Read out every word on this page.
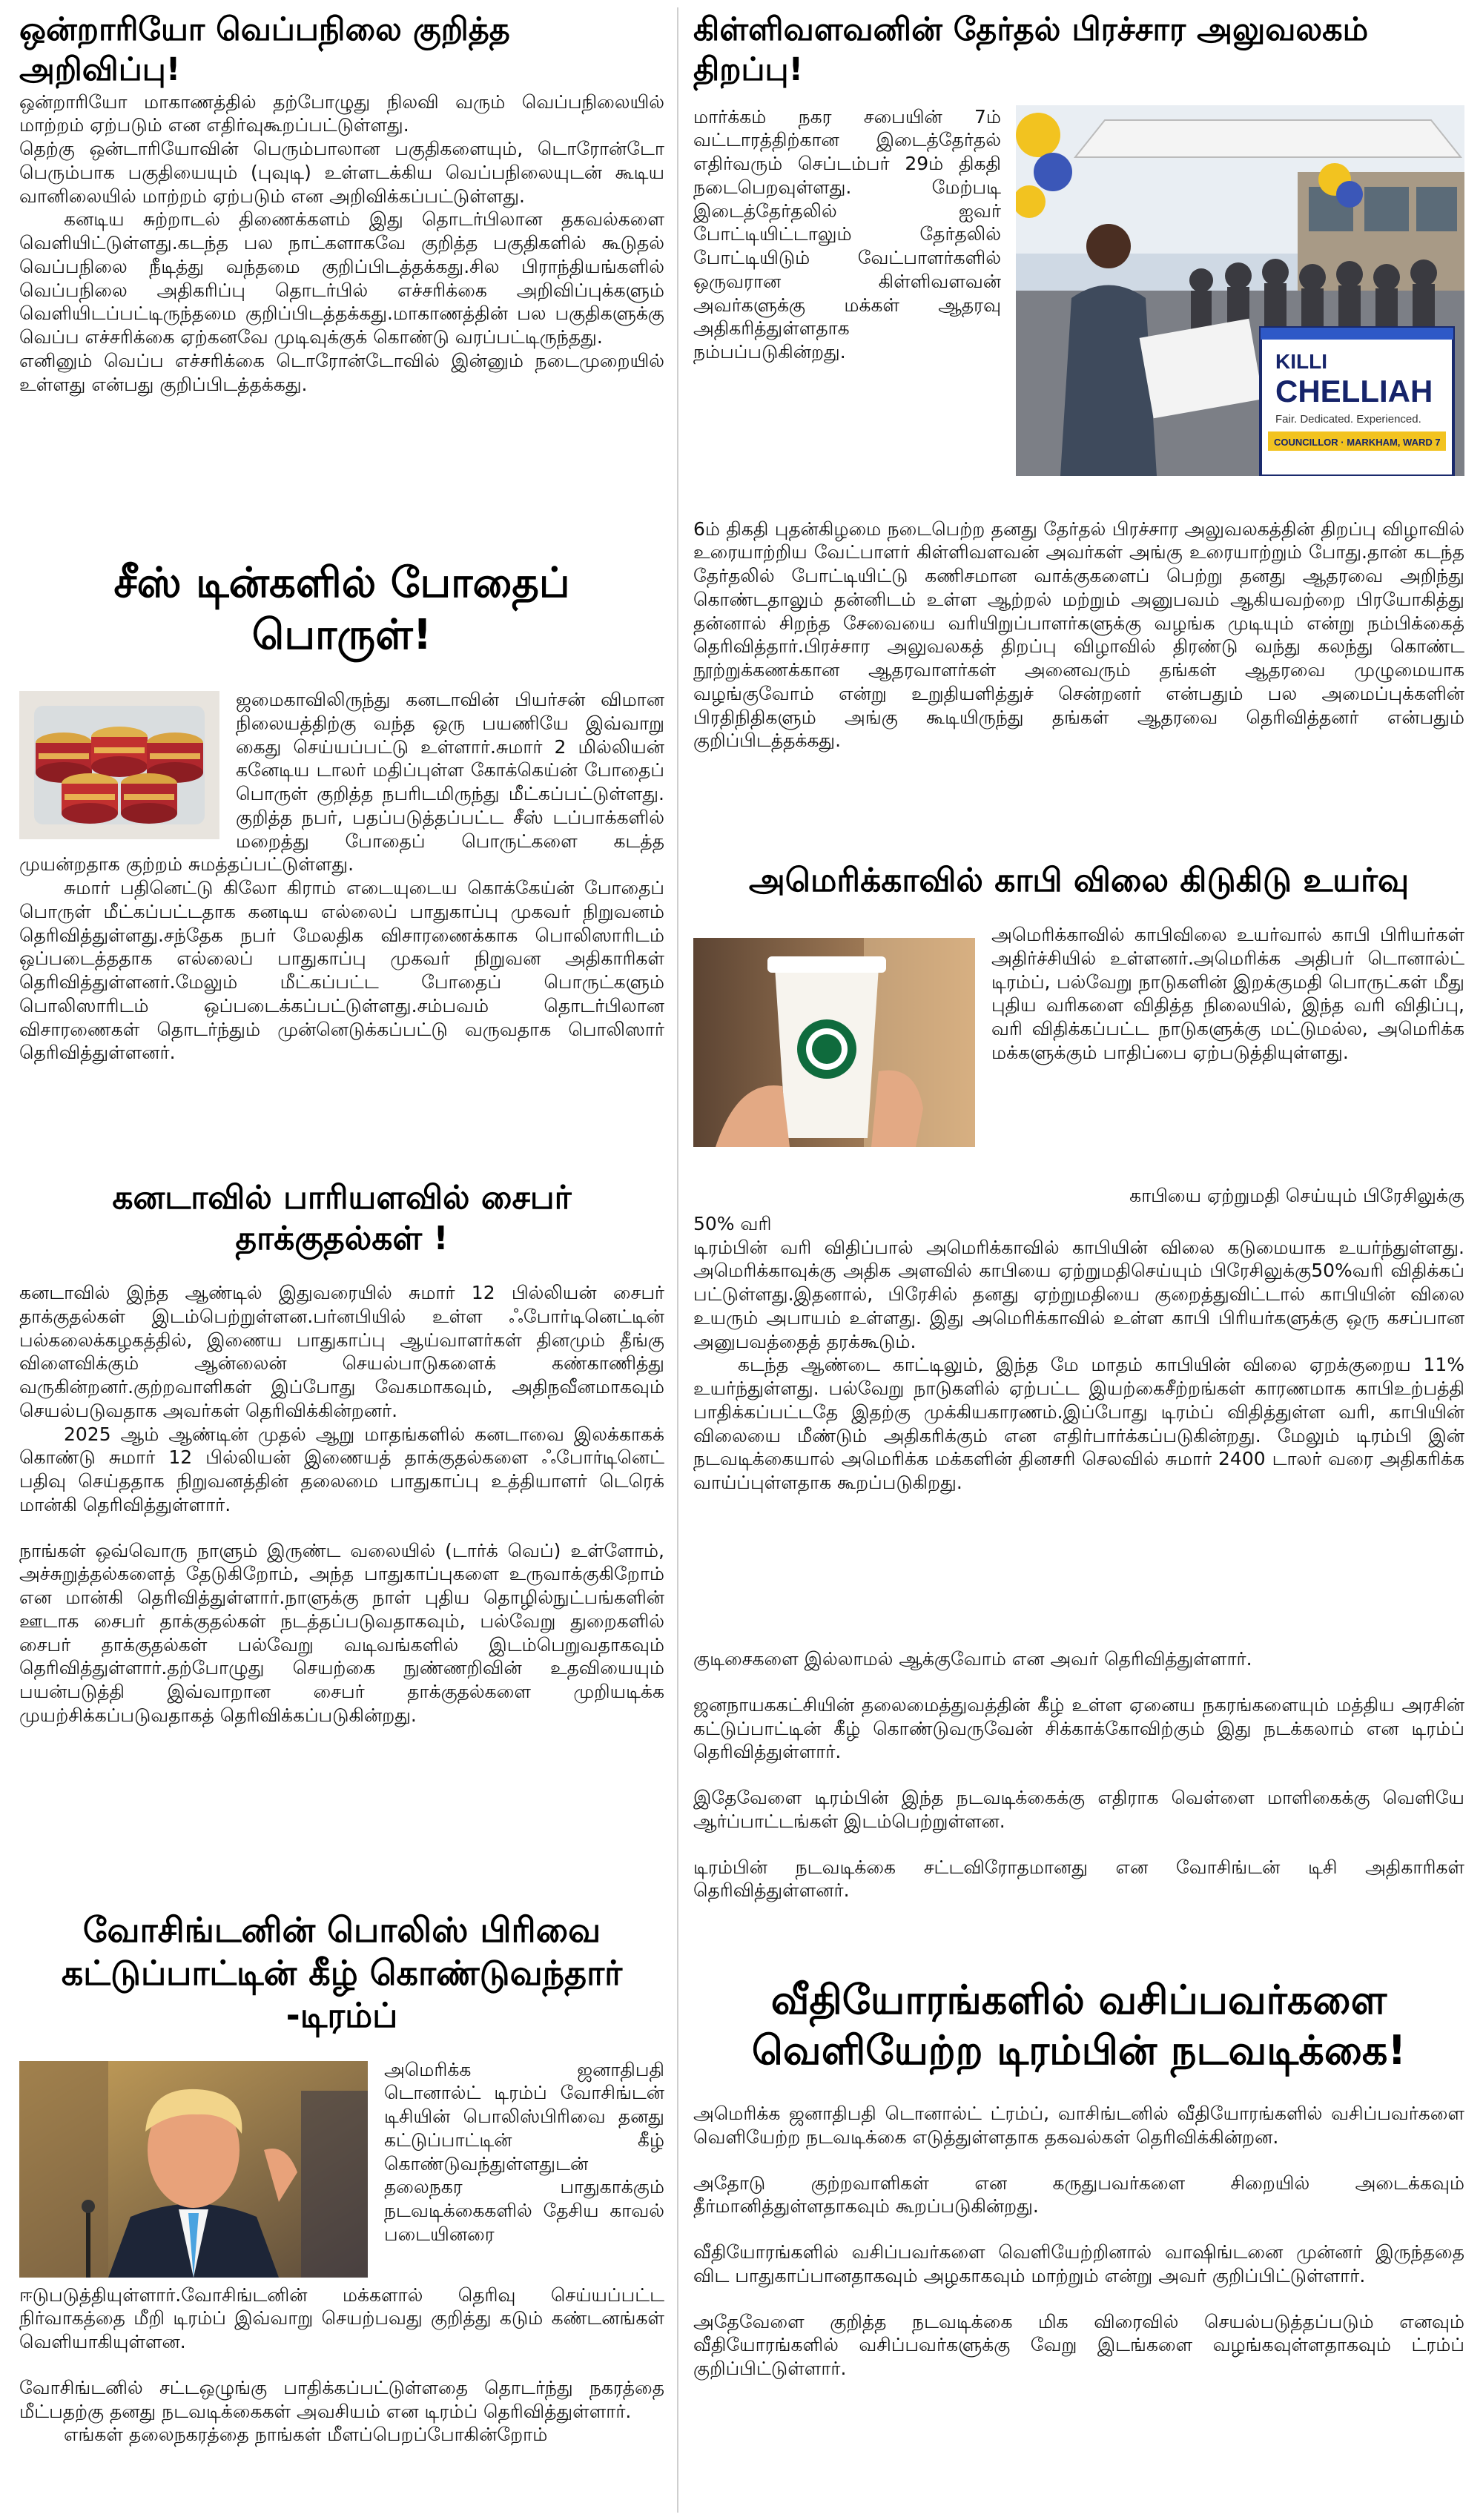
ஒன்றாரியோ வெப்பநிலை குறித்த அறிவிப்பு!

ஒன்றாரியோ மாகாணத்தில் தற்போழுது நிலவி வரும் வெப்பநிலையில் மாற்றம் ஏற்படும் என எதிர்வுகூறப்பட்டுள்ளது.

தெற்கு ஒன்டாரியோவின் பெரும்பாலான பகுதிகளையும், டொரோன்டோ பெரும்பாக பகுதியையும் (புவுடி) உள்ளடக்கிய வெப்பநிலையுடன் கூடிய வானிலையில் மாற்றம் ஏற்படும் என அறிவிக்கப்பட்டுள்ளது.

கனடிய சுற்றாடல் திணைக்களம் இது தொடர்பிலான தகவல்களை வெளியிட்டுள்ளது.கடந்த பல நாட்களாகவே குறித்த பகுதிகளில் கூடுதல் வெப்பநிலை நீடித்து வந்தமை குறிப்பிடத்தக்கது.சில பிராந்தியங்களில் வெப்பநிலை அதிகரிப்பு தொடர்பில் எச்சரிக்கை அறிவிப்புக்களும் வெளியிடப்பட்டிருந்தமை குறிப்பிடத்தக்கது.மாகாணத்தின் பல பகுதிகளுக்கு வெப்ப எச்சரிக்கை ஏற்கனவே முடிவுக்குக் கொண்டு வரப்பட்டிருந்தது.

எனினும் வெப்ப எச்சரிக்கை டொரோன்டோவில் இன்னும் நடைமுறையில் உள்ளது என்பது குறிப்பிடத்தக்கது.

சீஸ் டின்களில் போதைப் பொருள்!

ஜமைகாவிலிருந்து கனடாவின் பியர்சன் விமான நிலையத்திற்கு வந்த ஒரு பயணியே இவ்வாறு கைது செய்யப்பட்டு உள்ளார்.சுமார் 2 மில்லியன் கனேடிய டாலர் மதிப்புள்ள கோக்கெய்ன் போதைப் பொருள் குறித்த நபரிடமிருந்து மீட்கப்பட்டுள்ளது. குறித்த நபர், பதப்படுத்தப்பட்ட சீஸ் டப்பாக்களில் மறைத்து போதைப் பொருட்களை கடத்த முயன்றதாக குற்றம் சுமத்தப்பட்டுள்ளது.

சுமார் பதினெட்டு கிலோ கிராம் எடையுடைய கொக்கேய்ன் போதைப் பொருள் மீட்கப்பட்டதாக கனடிய எல்லைப் பாதுகாப்பு முகவர் நிறுவனம் தெரிவித்துள்ளது.சந்தேக நபர் மேலதிக விசாரணைக்காக பொலிஸாரிடம் ஒப்படைத்ததாக எல்லைப் பாதுகாப்பு முகவர் நிறுவன அதிகாரிகள் தெரிவித்துள்ளனர்.மேலும் மீட்கப்பட்ட போதைப் பொருட்களும் பொலிஸாரிடம் ஒப்படைக்கப்பட்டுள்ளது.சம்பவம் தொடர்பிலான விசாரணைகள் தொடர்ந்தும் முன்னெடுக்கப்பட்டு வருவதாக பொலிஸார் தெரிவித்துள்ளனர்.

கனடாவில் பாரியளவில் சைபர் தாக்குதல்கள் !

கனடாவில் இந்த ஆண்டில் இதுவரையில் சுமார் 12 பில்லியன் சைபர் தாக்குதல்கள் இடம்பெற்றுள்ளன.பர்னபியில் உள்ள ஃபோர்டினெட்டின் பல்கலைக்கழகத்தில், இணைய பாதுகாப்பு ஆய்வாளர்கள் தினமும் தீங்கு விளைவிக்கும் ஆன்லைன் செயல்பாடுகளைக் கண்காணித்து வருகின்றனர்.குற்றவாளிகள் இப்போது வேகமாகவும், அதிநவீனமாகவும் செயல்படுவதாக அவர்கள் தெரிவிக்கின்றனர்.

2025 ஆம் ஆண்டின் முதல் ஆறு மாதங்களில் கனடாவை இலக்காகக் கொண்டு சுமார் 12 பில்லியன் இணையத் தாக்குதல்களை ஃபோர்டினெட் பதிவு செய்ததாக நிறுவனத்தின் தலைமை பாதுகாப்பு உத்தியாளர் டெரெக் மான்கி தெரிவித்துள்ளார்.

நாங்கள் ஒவ்வொரு நாளும் இருண்ட வலையில் (டார்க் வெப்) உள்ளோம், அச்சுறுத்தல்களைத் தேடுகிறோம், அந்த பாதுகாப்புகளை உருவாக்குகிறோம் என மான்கி தெரிவித்துள்ளார்.நாளுக்கு நாள் புதிய தொழில்நுட்பங்களின் ஊடாக சைபர் தாக்குதல்கள் நடத்தப்படுவதாகவும், பல்வேறு துறைகளில் சைபர் தாக்குதல்கள் பல்வேறு வடிவங்களில் இடம்பெறுவதாகவும் தெரிவித்துள்ளார்.தற்போழுது செயற்கை நுண்ணறிவின் உதவியையும் பயன்படுத்தி இவ்வாறான சைபர் தாக்குதல்களை முறியடிக்க முயற்சிக்கப்படுவதாகத் தெரிவிக்கப்படுகின்றது.

வோசிங்டனின் பொலிஸ் பிரிவை
கட்டுப்பாட்டின் கீழ் கொண்டுவந்தார் -டிரம்ப்

அமெரிக்க ஜனாதிபதி டொனால்ட் டிரம்ப் வோசிங்டன் டிசியின் பொலிஸ்பிரிவை தனது கட்டுப்பாட்டின் கீழ் கொண்டுவந்துள்ளதுடன் தலைநகர பாதுகாக்கும் நடவடிக்கைகளில் தேசிய காவல் படையினரை ஈடுபடுத்தியுள்ளார்.வோசிங்டனின் மக்களால் தெரிவு செய்யப்பட்ட நிர்வாகத்தை மீறி டிரம்ப் இவ்வாறு செயற்பவது குறித்து கடும் கண்டனங்கள் வெளியாகியுள்ளன.

வோசிங்டனில் சட்டஒழுங்கு பாதிக்கப்பட்டுள்ளதை தொடர்ந்து நகரத்தை மீட்பதற்கு தனது நடவடிக்கைகள் அவசியம் என டிரம்ப் தெரிவித்துள்ளார்.

எங்கள் தலைநகரத்தை நாங்கள் மீளப்பெறப்போகின்றோம்

கிள்ளிவளவனின் தேர்தல் பிரச்சார அலுவலகம் திறப்பு!
KILLI
CHELLIAH
Fair. Dedicated. Experienced.
COUNCILLOR · MARKHAM, WARD 7

மார்க்கம் நகர சபையின் 7ம் வட்டாரத்திற்கான இடைத்தேர்தல் எதிர்வரும் செப்டம்பர் 29ம் திகதி நடைபெறவுள்ளது. மேற்படி இடைத்தேர்தலில் ஐவர் போட்டியிட்டாலும் தேர்தலில் போட்டியிடும் வேட்பாளர்களில் ஒருவரான கிள்ளிவளவன் அவர்களுக்கு மக்கள் ஆதரவு அதிகரித்துள்ளதாக நம்பப்படுகின்றது.

6ம் திகதி புதன்கிழமை நடைபெற்ற தனது தேர்தல் பிரச்சார அலுவலகத்தின் திறப்பு விழாவில் உரையாற்றிய வேட்பாளர் கிள்ளிவளவன் அவர்கள் அங்கு உரையாற்றும் போது.தான் கடந்த தேர்தலில் போட்டியிட்டு கணிசமான வாக்குகளைப் பெற்று தனது ஆதரவை அறிந்து கொண்டதாலும் தன்னிடம் உள்ள ஆற்றல் மற்றும் அனுபவம் ஆகியவற்றை பிரயோகித்து தன்னால் சிறந்த சேவையை வரியிறுப்பாளர்களுக்கு வழங்க முடியும் என்று நம்பிக்கைத் தெரிவித்தார்.பிரச்சார அலுவலகத் திறப்பு விழாவில் திரண்டு வந்து கலந்து கொண்ட நூற்றுக்கணக்கான ஆதரவாளர்கள் அனைவரும் தங்கள் ஆதரவை முழுமையாக வழங்குவோம் என்று உறுதியளித்துச் சென்றனர் என்பதும் பல அமைப்புக்களின் பிரதிநிதிகளும் அங்கு கூடியிருந்து தங்கள் ஆதரவை தெரிவித்தனர் என்பதும் குறிப்பிடத்தக்கது.

அமெரிக்காவில் காபி விலை கிடுகிடு உயர்வு

அமெரிக்காவில் காபிவிலை உயர்வால் காபி பிரியர்கள் அதிர்ச்சியில் உள்ளனர்.அமெரிக்க அதிபர் டொனால்ட் டிரம்ப், பல்வேறு நாடுகளின் இறக்குமதி பொருட்கள் மீது புதிய வரிகளை விதித்த நிலையில், இந்த வரி விதிப்பு, வரி விதிக்கப்பட்ட நாடுகளுக்கு மட்டுமல்ல, அமெரிக்க மக்களுக்கும் பாதிப்பை ஏற்படுத்தியுள்ளது.

காபியை ஏற்றுமதி செய்யும் பிரேசிலுக்கு

50% வரி

டிரம்பின் வரி விதிப்பால் அமெரிக்காவில் காபியின் விலை கடுமையாக உயர்ந்துள்ளது. அமெரிக்காவுக்கு அதிக அளவில் காபியை ஏற்றுமதிசெய்யும் பிரேசிலுக்கு50%வரி விதிக்கப் பட்டுள்ளது.இதனால், பிரேசில் தனது ஏற்றுமதியை குறைத்துவிட்டால் காபியின் விலை உயரும் அபாயம் உள்ளது. இது அமெரிக்காவில் உள்ள காபி பிரியர்களுக்கு ஒரு கசப்பான அனுபவத்தைத் தரக்கூடும்.

கடந்த ஆண்டை காட்டிலும், இந்த மே மாதம் காபியின் விலை ஏறக்குறைய 11% உயர்ந்துள்ளது. பல்வேறு நாடுகளில் ஏற்பட்ட இயற்கைசீற்றங்கள் காரணமாக காபிஉற்பத்தி பாதிக்கப்பட்டதே இதற்கு முக்கியகாரணம்.இப்போது டிரம்ப் விதித்துள்ள வரி, காபியின் விலையை மீண்டும் அதிகரிக்கும் என எதிர்பார்க்கப்படுகின்றது. மேலும் டிரம்பி இன் நடவடிக்கையால் அமெரிக்க மக்களின் தினசரி செலவில் சுமார் 2400 டாலர் வரை அதிகரிக்க வாய்ப்புள்ளதாக கூறப்படுகிறது.

குடிசைகளை இல்லாமல் ஆக்குவோம் என அவர் தெரிவித்துள்ளார்.

ஜனநாயககட்சியின் தலைமைத்துவத்தின் கீழ் உள்ள ஏனைய நகரங்களையும் மத்திய அரசின் கட்டுப்பாட்டின் கீழ் கொண்டுவருவேன் சிக்காக்கோவிற்கும் இது நடக்கலாம் என டிரம்ப் தெரிவித்துள்ளார்.

இதேவேளை டிரம்பின் இந்த நடவடிக்கைக்கு எதிராக வெள்ளை மாளிகைக்கு வெளியே ஆர்ப்பாட்டங்கள் இடம்பெற்றுள்ளன.

டிரம்பின் நடவடிக்கை சட்டவிரோதமானது என வோசிங்டன் டிசி அதிகாரிகள் தெரிவித்துள்ளனர்.

வீதியோரங்களில் வசிப்பவர்களை
வெளியேற்ற டிரம்பின் நடவடிக்கை!

அமெரிக்க ஜனாதிபதி டொனால்ட் ட்ரம்ப், வாசிங்டனில் வீதியோரங்களில் வசிப்பவர்களை வெளியேற்ற நடவடிக்கை எடுத்துள்ளதாக தகவல்கள் தெரிவிக்கின்றன.

அதோடு குற்றவாளிகள் என கருதுபவர்களை சிறையில் அடைக்கவும் தீர்மானித்துள்ளதாகவும் கூறப்படுகின்றது.

வீதியோரங்களில் வசிப்பவர்களை வெளியேற்றினால் வாஷிங்டனை முன்னர் இருந்ததை விட பாதுகாப்பானதாகவும் அழகாகவும் மாற்றும் என்று அவர் குறிப்பிட்டுள்ளார்.

அதேவேளை குறித்த நடவடிக்கை மிக விரைவில் செயல்படுத்தப்படும் எனவும் வீதியோரங்களில் வசிப்பவர்களுக்கு வேறு இடங்களை வழங்கவுள்ளதாகவும் ட்ரம்ப் குறிப்பிட்டுள்ளார்.
